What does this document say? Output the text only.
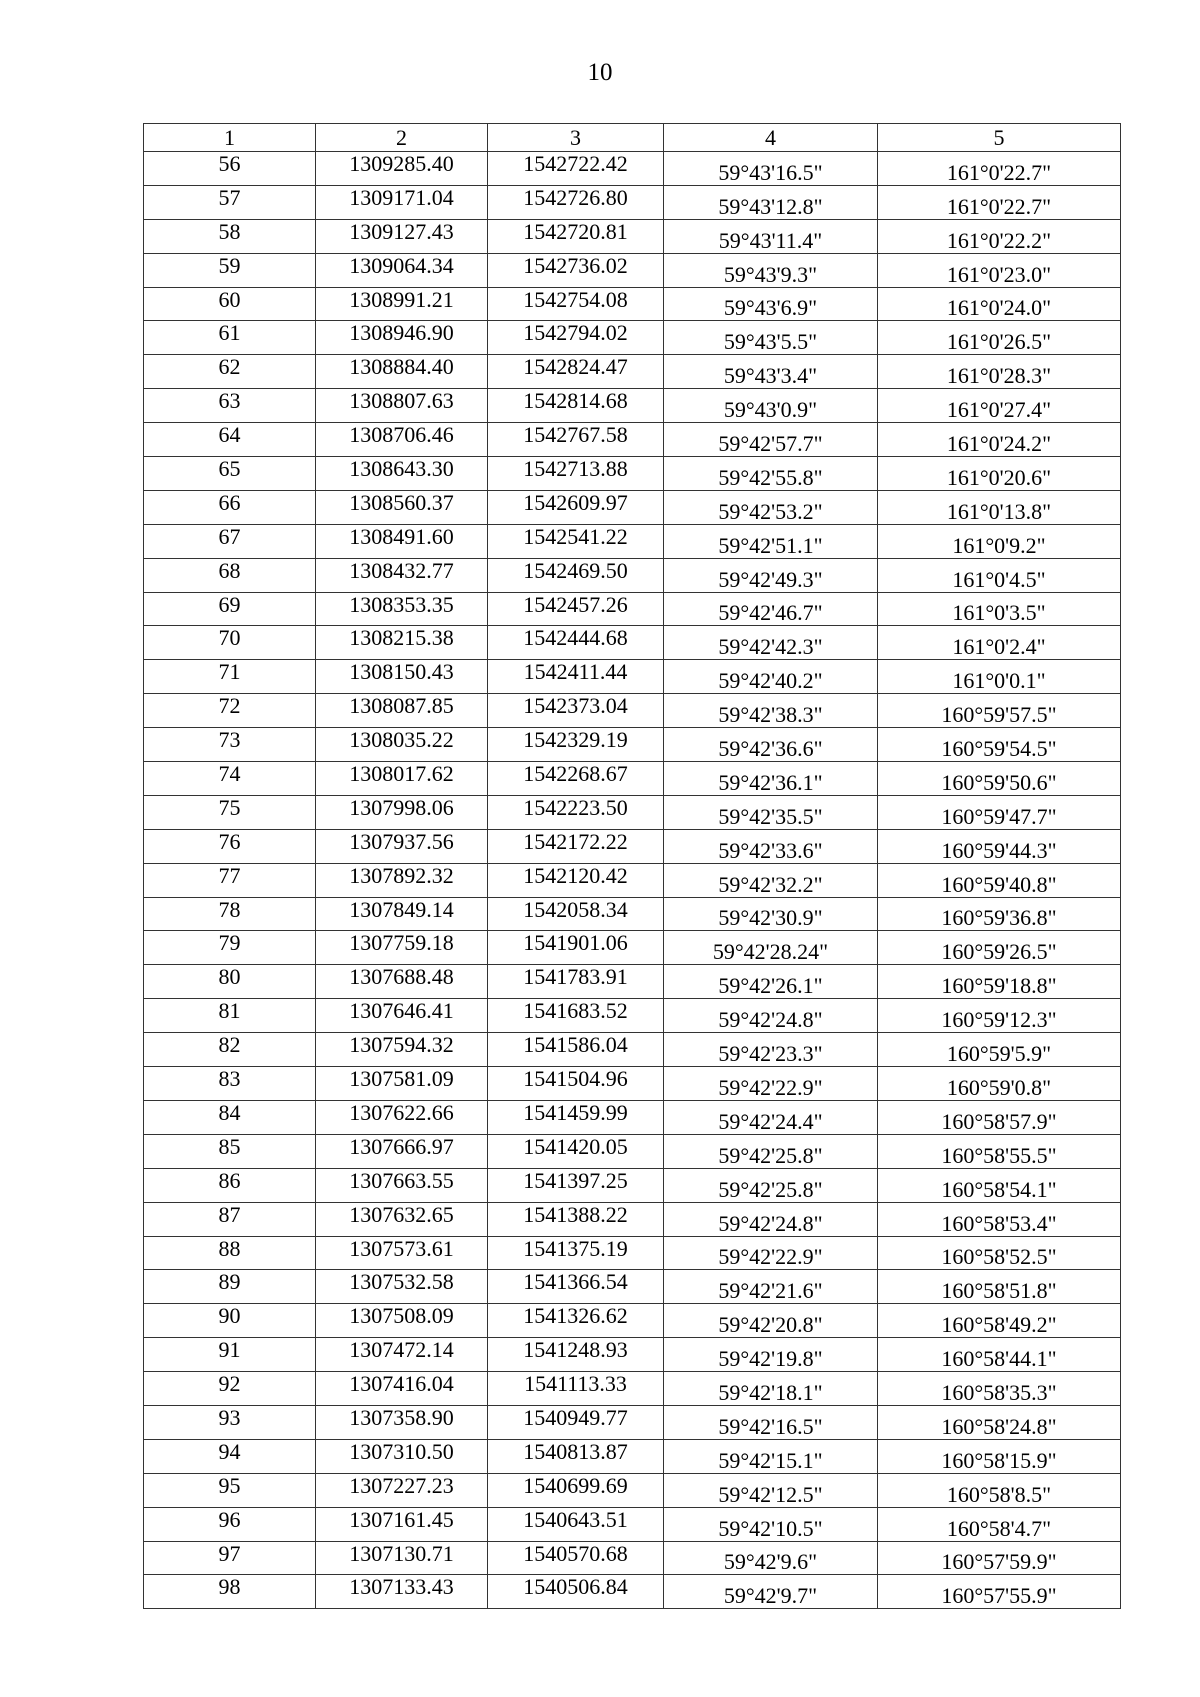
10
1	2	3	4	5
56	1309285.40	1542722.42	59°43'16.5"	161°0'22.7"
57	1309171.04	1542726.80	59°43'12.8"	161°0'22.7"
58	1309127.43	1542720.81	59°43'11.4"	161°0'22.2"
59	1309064.34	1542736.02	59°43'9.3"	161°0'23.0"
60	1308991.21	1542754.08	59°43'6.9"	161°0'24.0"
61	1308946.90	1542794.02	59°43'5.5"	161°0'26.5"
62	1308884.40	1542824.47	59°43'3.4"	161°0'28.3"
63	1308807.63	1542814.68	59°43'0.9"	161°0'27.4"
64	1308706.46	1542767.58	59°42'57.7"	161°0'24.2"
65	1308643.30	1542713.88	59°42'55.8"	161°0'20.6"
66	1308560.37	1542609.97	59°42'53.2"	161°0'13.8"
67	1308491.60	1542541.22	59°42'51.1"	161°0'9.2"
68	1308432.77	1542469.50	59°42'49.3"	161°0'4.5"
69	1308353.35	1542457.26	59°42'46.7"	161°0'3.5"
70	1308215.38	1542444.68	59°42'42.3"	161°0'2.4"
71	1308150.43	1542411.44	59°42'40.2"	161°0'0.1"
72	1308087.85	1542373.04	59°42'38.3"	160°59'57.5"
73	1308035.22	1542329.19	59°42'36.6"	160°59'54.5"
74	1308017.62	1542268.67	59°42'36.1"	160°59'50.6"
75	1307998.06	1542223.50	59°42'35.5"	160°59'47.7"
76	1307937.56	1542172.22	59°42'33.6"	160°59'44.3"
77	1307892.32	1542120.42	59°42'32.2"	160°59'40.8"
78	1307849.14	1542058.34	59°42'30.9"	160°59'36.8"
79	1307759.18	1541901.06	59°42'28.24"	160°59'26.5"
80	1307688.48	1541783.91	59°42'26.1"	160°59'18.8"
81	1307646.41	1541683.52	59°42'24.8"	160°59'12.3"
82	1307594.32	1541586.04	59°42'23.3"	160°59'5.9"
83	1307581.09	1541504.96	59°42'22.9"	160°59'0.8"
84	1307622.66	1541459.99	59°42'24.4"	160°58'57.9"
85	1307666.97	1541420.05	59°42'25.8"	160°58'55.5"
86	1307663.55	1541397.25	59°42'25.8"	160°58'54.1"
87	1307632.65	1541388.22	59°42'24.8"	160°58'53.4"
88	1307573.61	1541375.19	59°42'22.9"	160°58'52.5"
89	1307532.58	1541366.54	59°42'21.6"	160°58'51.8"
90	1307508.09	1541326.62	59°42'20.8"	160°58'49.2"
91	1307472.14	1541248.93	59°42'19.8"	160°58'44.1"
92	1307416.04	1541113.33	59°42'18.1"	160°58'35.3"
93	1307358.90	1540949.77	59°42'16.5"	160°58'24.8"
94	1307310.50	1540813.87	59°42'15.1"	160°58'15.9"
95	1307227.23	1540699.69	59°42'12.5"	160°58'8.5"
96	1307161.45	1540643.51	59°42'10.5"	160°58'4.7"
97	1307130.71	1540570.68	59°42'9.6"	160°57'59.9"
98	1307133.43	1540506.84	59°42'9.7"	160°57'55.9"
